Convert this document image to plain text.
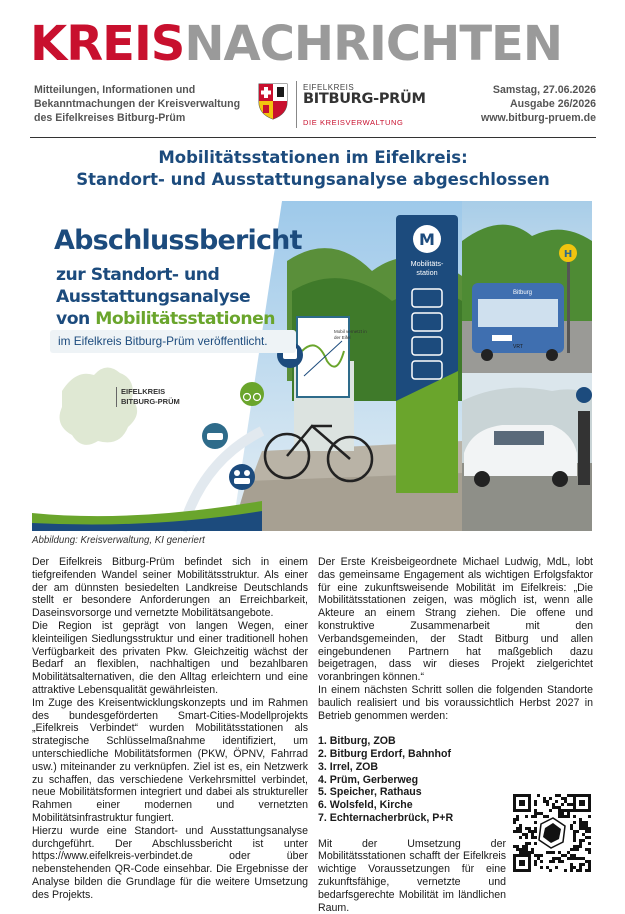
KREISNACHRICHTEN
Mitteilungen, Informationen und
Bekanntmachungen der Kreisverwaltung
des Eifelkreises Bitburg-Prüm
EIFELKREIS
BITBURG-PRÜM
DIE KREISVERWALTUNG
Samstag, 27.06.2026
Ausgabe 26/2026
www.bitburg-pruem.de
Mobilitätsstationen im Eifelkreis:
Standort- und Ausstattungsanalyse abgeschlossen
M
H
VRT
Abschlussbericht
zur Standort- und
Ausstattungsanalyse
von Mobilitätsstationen
im Eifelkreis Bitburg-Prüm veröffentlicht.
EIFELKREIS
BITBURG-PRÜM
Mobilitäts-
station
Mobil vernetzt in der Eifel
Bitburg
Abbildung: Kreisverwaltung, KI generiert

Der Eifelkreis Bitburg-Prüm befindet sich in einem tiefgreifenden Wandel seiner Mobilitätsstruktur. Als einer der am dünnsten besiedelten Landkreise Deutschlands stellt er besondere Anforderungen an Erreichbarkeit, Daseinsvorsorge und vernetzte Mobilitätsangebote.

Die Region ist geprägt von langen Wegen, einer kleinteiligen Siedlungsstruktur und einer traditionell hohen Verfügbarkeit des privaten Pkw. Gleichzeitig wächst der Bedarf an flexiblen, nachhaltigen und bezahlbaren Mobilitätsalternativen, die den Alltag erleichtern und eine attraktive Lebensqualität gewährleisten.

Im Zuge des Kreisentwicklungskonzepts und im Rahmen des bundesgeförderten Smart-Cities-Modellprojekts „Eifelkreis Verbindet“ wurden Mobilitätsstationen als strategische Schlüsselmaßnahme identifiziert, um unterschiedliche Mobilitätsformen (PKW, ÖPNV, Fahrrad usw.) miteinander zu verknüpfen. Ziel ist es, ein Netzwerk zu schaffen, das verschiedene Verkehrsmittel verbindet, neue Mobilitätsformen integriert und dabei als struktureller Rahmen einer modernen und vernetzten Mobilitätsinfrastruktur fungiert.

Hierzu wurde eine Standort- und Ausstattungsanalyse durchgeführt. Der Abschlussbericht ist unter https://www.eifelkreis-verbindet.de oder über nebenstehenden QR-Code einsehbar. Die Ergebnisse der Analyse bilden die Grundlage für die weitere Umsetzung des Projekts.

Der Erste Kreisbeigeordnete Michael Ludwig, MdL, lobt das gemeinsame Engagement als wichtigen Erfolgsfaktor für eine zukunftsweisende Mobilität im Eifelkreis: „Die Mobilitätsstationen zeigen, was möglich ist, wenn alle Akteure an einem Strang ziehen. Die offene und konstruktive Zusammenarbeit mit den Verbandsgemeinden, der Stadt Bitburg und allen eingebundenen Partnern hat maßgeblich dazu beigetragen, dass wir dieses Projekt zielgerichtet voranbringen können.“

In einem nächsten Schritt sollen die folgenden Standorte baulich realisiert und bis voraussichtlich Herbst 2027 in Betrieb genommen werden:

1. Bitburg, ZOB
2. Bitburg Erdorf, Bahnhof
3. Irrel, ZOB
4. Prüm, Gerberweg
5. Speicher, Rathaus
6. Wolsfeld, Kirche
7. Echternacherbrück, P+R

Mit der Umsetzung der Mobilitätsstationen schafft der Eifelkreis wichtige Voraussetzungen für eine zukunftsfähige, vernetzte und bedarfsgerechte Mobilität im ländlichen Raum.
